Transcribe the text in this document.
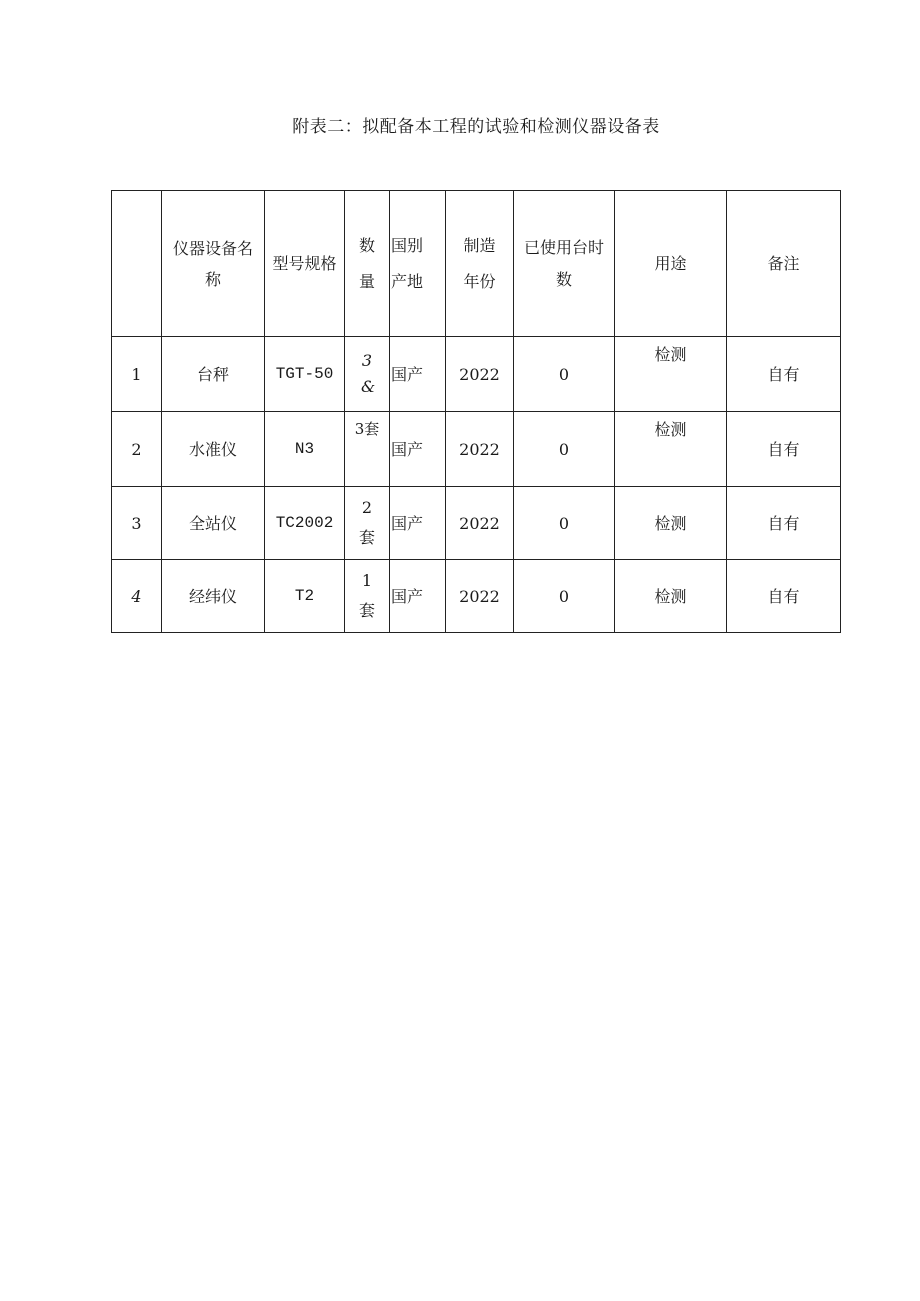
附表二：拟配备本工程的试验和检测仪器设备表
	仪器设备名称	型号规格	数量	国别产地	制造年份	已使用台时数	用途	备注
1	台秤	TGT-50	3&	国产	2022	0	检测	自有
2	水准仪	N3	3套	国产	2022	0	检测	自有
3	全站仪	TC2002	2套	国产	2022	0	检测	自有
4	经纬仪	T2	1套	国产	2022	0	检测	自有
